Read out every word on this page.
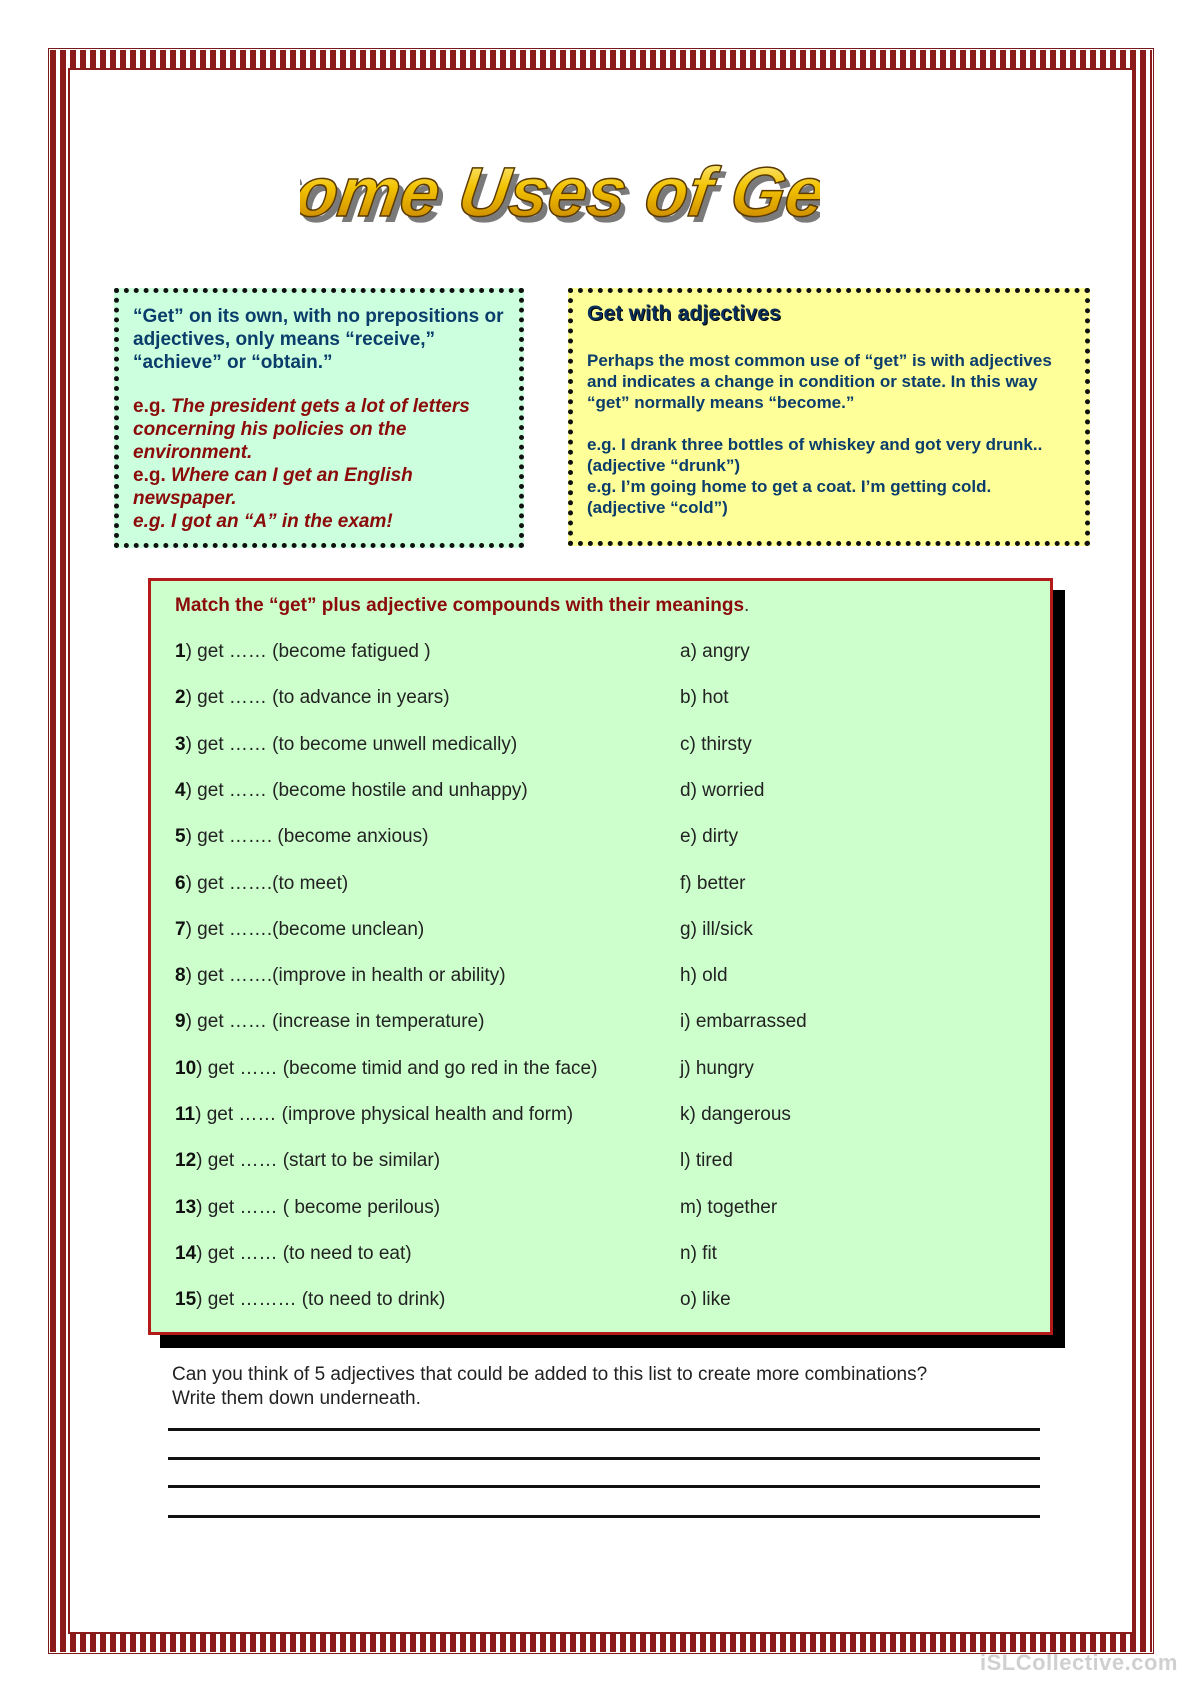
Some Uses of Get
Some Uses of Get
“Get” on its own, with no prepositions or adjectives, only means “receive,” “achieve” or “obtain.”
e.g. The president gets a lot of letters concerning his policies on the environment.
e.g. Where can I get an English newspaper.
e.g. I got an “A” in the exam!
Get with adjectives
Perhaps the most common use of “get” is with adjectives and indicates a change in condition or state. In this way “get” normally means “become.”
e.g. I drank three bottles of whiskey and got very drunk.. (adjective “drunk”)
e.g. I’m going home to get a coat. I’m getting cold. (adjective “cold”)
Match the “get” plus adjective compounds with their meanings.
1) get …… (become fatigued )	a) angry
2) get …… (to advance in years)	b) hot
3) get …… (to become unwell medically)	c) thirsty
4) get …… (become hostile and unhappy)	d) worried
5) get ……. (become anxious)	e) dirty
6) get …….(to meet)	f) better
7) get …….(become unclean)	g) ill/sick
8) get …….(improve in health or ability)	h) old
9) get …… (increase in temperature)	i) embarrassed
10) get …… (become timid and go red in the face)	j) hungry
11) get …… (improve physical health and form)	k) dangerous
12) get …… (start to be similar)	l) tired
13) get …… ( become perilous)	m) together
14) get …… (to need to eat)	n) fit
15) get ……… (to need to drink)	o) like
Can you think of 5 adjectives that could be added to this list to create more combinations?
Write them down underneath.
iSLCollective.com
